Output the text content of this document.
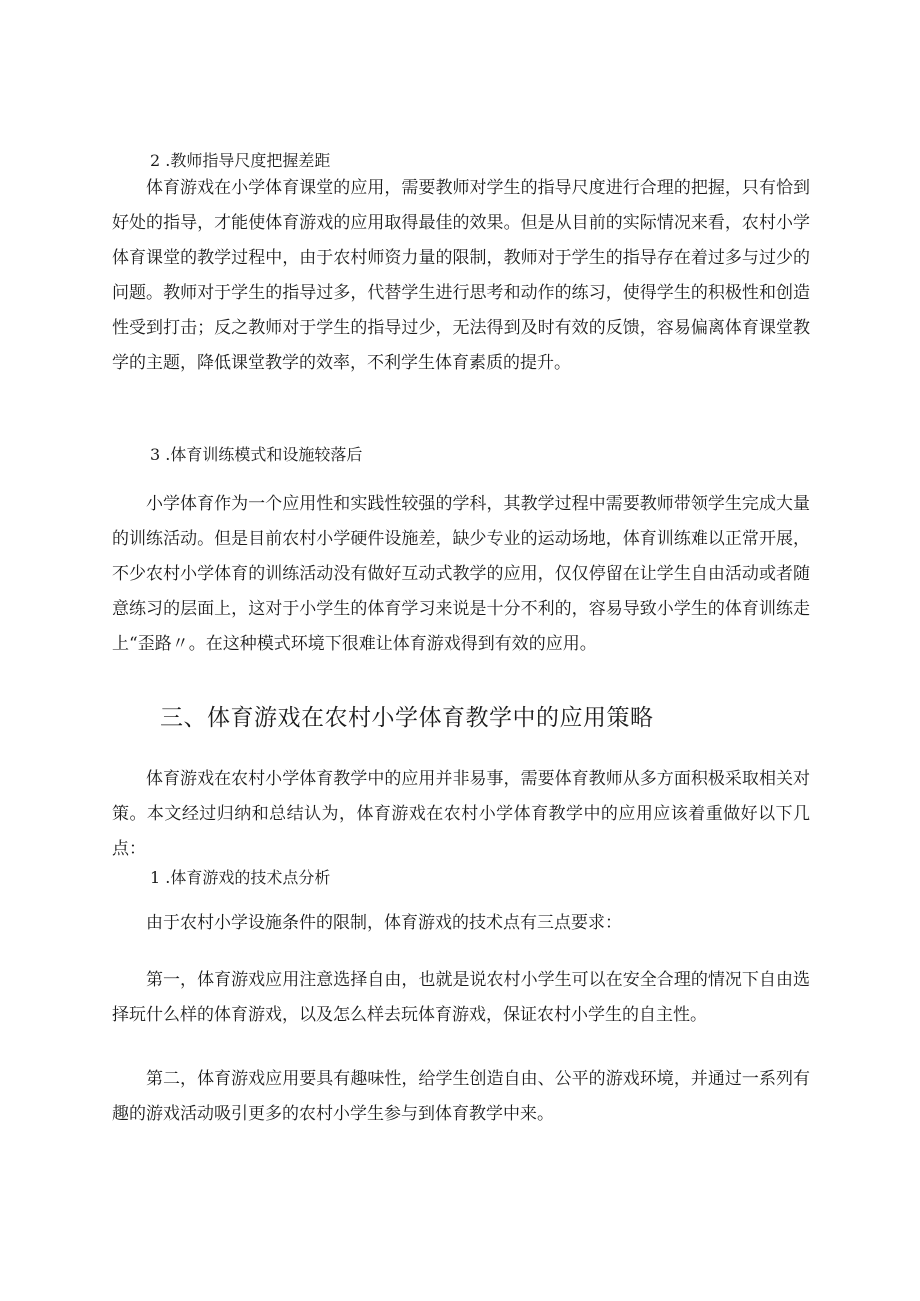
2 .教师指导尺度把握差距

体育游戏在小学体育课堂的应用，需要教师对学生的指导尺度进行合理的把握，只有恰到好处的指导，才能使体育游戏的应用取得最佳的效果。但是从目前的实际情况来看，农村小学体育课堂的教学过程中，由于农村师资力量的限制，教师对于学生的指导存在着过多与过少的问题。教师对于学生的指导过多，代替学生进行思考和动作的练习，使得学生的积极性和创造性受到打击；反之教师对于学生的指导过少，无法得到及时有效的反馈，容易偏离体育课堂教学的主题，降低课堂教学的效率，不利学生体育素质的提升。

3 .体育训练模式和设施较落后

小学体育作为一个应用性和实践性较强的学科，其教学过程中需要教师带领学生完成大量的训练活动。但是目前农村小学硬件设施差，缺少专业的运动场地，体育训练难以正常开展，不少农村小学体育的训练活动没有做好互动式教学的应用，仅仅停留在让学生自由活动或者随意练习的层面上，这对于小学生的体育学习来说是十分不利的，容易导致小学生的体育训练走上“歪路〃。在这种模式环境下很难让体育游戏得到有效的应用。

三、体育游戏在农村小学体育教学中的应用策略

体育游戏在农村小学体育教学中的应用并非易事，需要体育教师从多方面积极采取相关对策。本文经过归纳和总结认为，体育游戏在农村小学体育教学中的应用应该着重做好以下几点：

1 .体育游戏的技术点分析

由于农村小学设施条件的限制，体育游戏的技术点有三点要求：

第一，体育游戏应用注意选择自由，也就是说农村小学生可以在安全合理的情况下自由选择玩什么样的体育游戏，以及怎么样去玩体育游戏，保证农村小学生的自主性。

第二，体育游戏应用要具有趣味性，给学生创造自由、公平的游戏环境，并通过一系列有趣的游戏活动吸引更多的农村小学生参与到体育教学中来。
